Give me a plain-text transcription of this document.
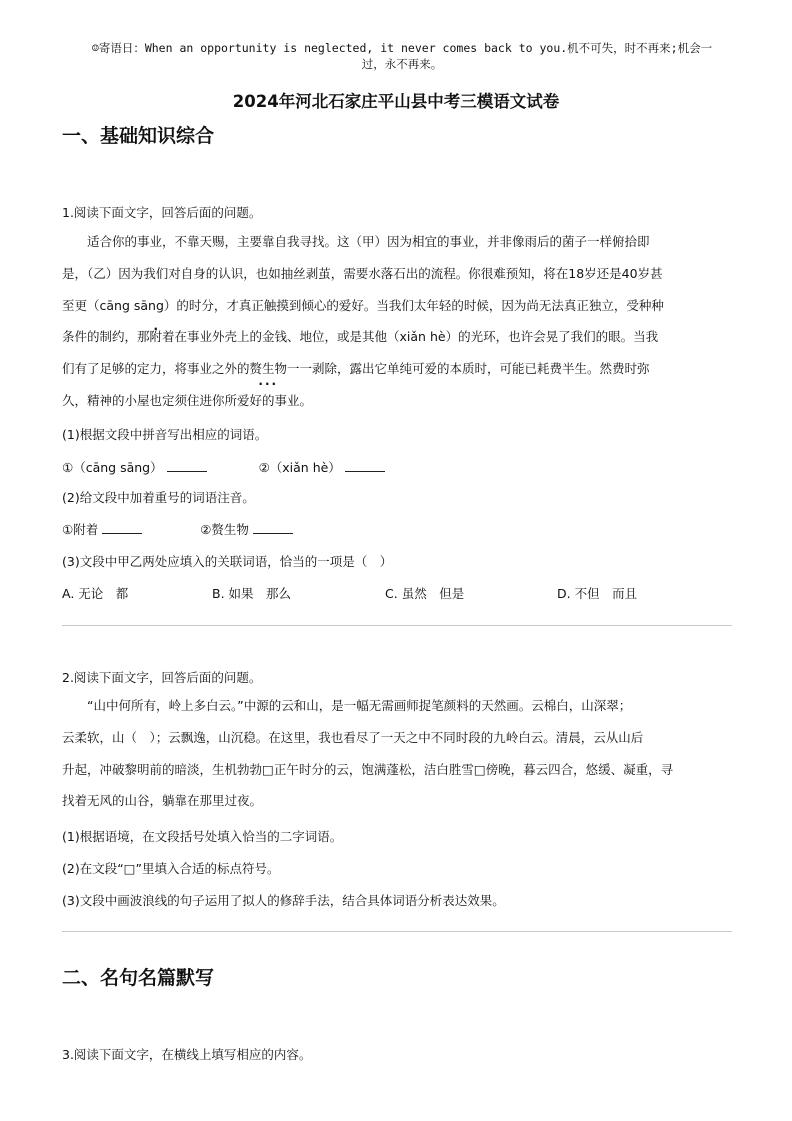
☺寄语日：When an opportunity is neglected, it never comes back to you.机不可失，时不再来;机会一
过，永不再来。
2024年河北石家庄平山县中考三模语文试卷
一、基础知识综合
1.阅读下面文字，回答后面的问题。
适合你的事业，不靠天赐，主要靠自我寻找。这（甲）因为相宜的事业，并非像雨后的菌子一样俯拾即
是，（乙）因为我们对自身的认识，也如抽丝剥茧，需要水落石出的流程。你很难预知，将在18岁还是40岁甚
至更（cāng sāng）的时分，才真正触摸到倾心的爱好。当我们太年轻的时候，因为尚无法真正独立，受种种
条件的制约，那附着在事业外壳上的金钱、地位，或是其他（xiǎn hè）的光环，也许会晃了我们的眼。当我
们有了足够的定力，将事业之外的赘生物 ···一一剥除，露出它单纯可爱的本质时，可能已耗费半生。然费时弥
久，精神的小屋也定须住进你所爱好的事业。
(1)根据文段中拼音写出相应的词语。
①（cāng sāng）	②（xiǎn hè）
(2)给文段中加着重号的词语注音。
①附着	②赘生物
(3)文段中甲乙两处应填入的关联词语，恰当的一项是（　）
A. 无论　都	B. 如果　那么	C. 虽然　但是	D. 不但　而且
2.阅读下面文字，回答后面的问题。
“山中何所有，岭上多白云。”中源的云和山，是一幅无需画师捉笔颜料的天然画。云棉白，山深翠；
云柔软，山（　）；云飘逸，山沉稳。在这里，我也看尽了一天之中不同时段的九岭白云。清晨，云从山后
升起，冲破黎明前的暗淡，生机勃勃□正午时分的云，饱满蓬松，洁白胜雪□傍晚，暮云四合，悠缓、凝重，寻
找着无风的山谷，躺靠在那里过夜。
(1)根据语境，在文段括号处填入恰当的二字词语。
(2)在文段“□”里填入合适的标点符号。
(3)文段中画波浪线的句子运用了拟人的修辞手法，结合具体词语分析表达效果。
二、名句名篇默写
3.阅读下面文字，在横线上填写相应的内容。
